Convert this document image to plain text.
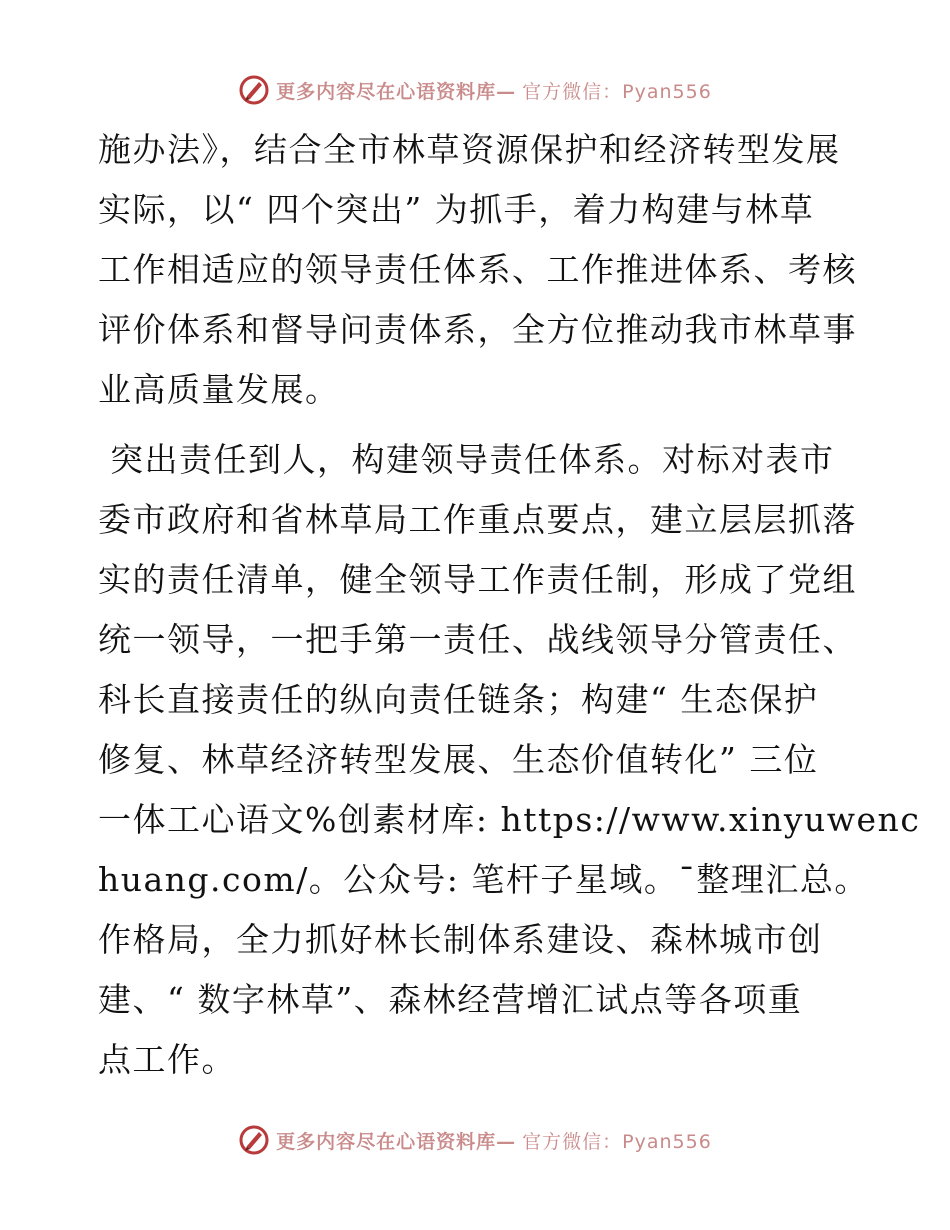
更多内容尽在心语资料库— 官方微信：Pyan556
施办法》，结合全市林草资源保护和经济转型发展
实际，以“ 四个突出” 为抓手，着力构建与林草
工作相适应的领导责任体系、工作推进体系、考核
评价体系和督导问责体系，全方位推动我市林草事
业高质量发展。
突出责任到人，构建领导责任体系。对标对表市
委市政府和省林草局工作重点要点，建立层层抓落
实的责任清单，健全领导工作责任制，形成了党组
统一领导，一把手第一责任、战线领导分管责任、
科长直接责任的纵向责任链条；构建“ 生态保护
修复、林草经济转型发展、生态价值转化” 三位
一体工心语文%创素材库: https://www.xinyuwenc
huang.com/。公众号: 笔杆子星域。¯整理汇总。
作格局，全力抓好林长制体系建设、森林城市创
建、“ 数字林草”、森林经营增汇试点等各项重
点工作。
更多内容尽在心语资料库— 官方微信：Pyan556
